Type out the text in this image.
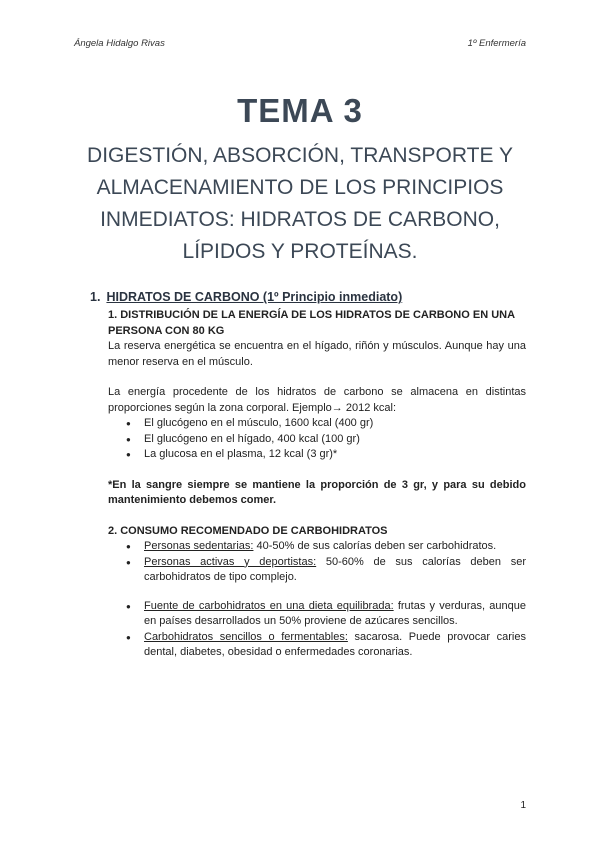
Ángela Hidalgo Rivas	1º Enfermería
TEMA 3
DIGESTIÓN, ABSORCIÓN, TRANSPORTE Y ALMACENAMIENTO DE LOS PRINCIPIOS INMEDIATOS: HIDRATOS DE CARBONO, LÍPIDOS Y PROTEÍNAS.
1. HIDRATOS DE CARBONO (1º Principio inmediato)

1. DISTRIBUCIÓN DE LA ENERGÍA DE LOS HIDRATOS DE CARBONO EN UNA PERSONA CON 80 KG

La reserva energética se encuentra en el hígado, riñón y músculos. Aunque hay una menor reserva en el músculo.

La energía procedente de los hidratos de carbono se almacena en distintas proporciones según la zona corporal. Ejemplo→ 2012 kcal:

● El glucógeno en el músculo, 1600 kcal (400 gr)
● El glucógeno en el hígado, 400 kcal (100 gr)
● La glucosa en el plasma, 12 kcal (3 gr)*

*En la sangre siempre se mantiene la proporción de 3 gr, y para su debido mantenimiento debemos comer.

2. CONSUMO RECOMENDADO DE CARBOHIDRATOS

● Personas sedentarias: 40-50% de sus calorías deben ser carbohidratos.
● Personas activas y deportistas: 50-60% de sus calorías deben ser carbohidratos de tipo complejo.
● Fuente de carbohidratos en una dieta equilibrada: frutas y verduras, aunque en países desarrollados un 50% proviene de azúcares sencillos.
● Carbohidratos sencillos o fermentables: sacarosa. Puede provocar caries dental, diabetes, obesidad o enfermedades coronarias.
1
